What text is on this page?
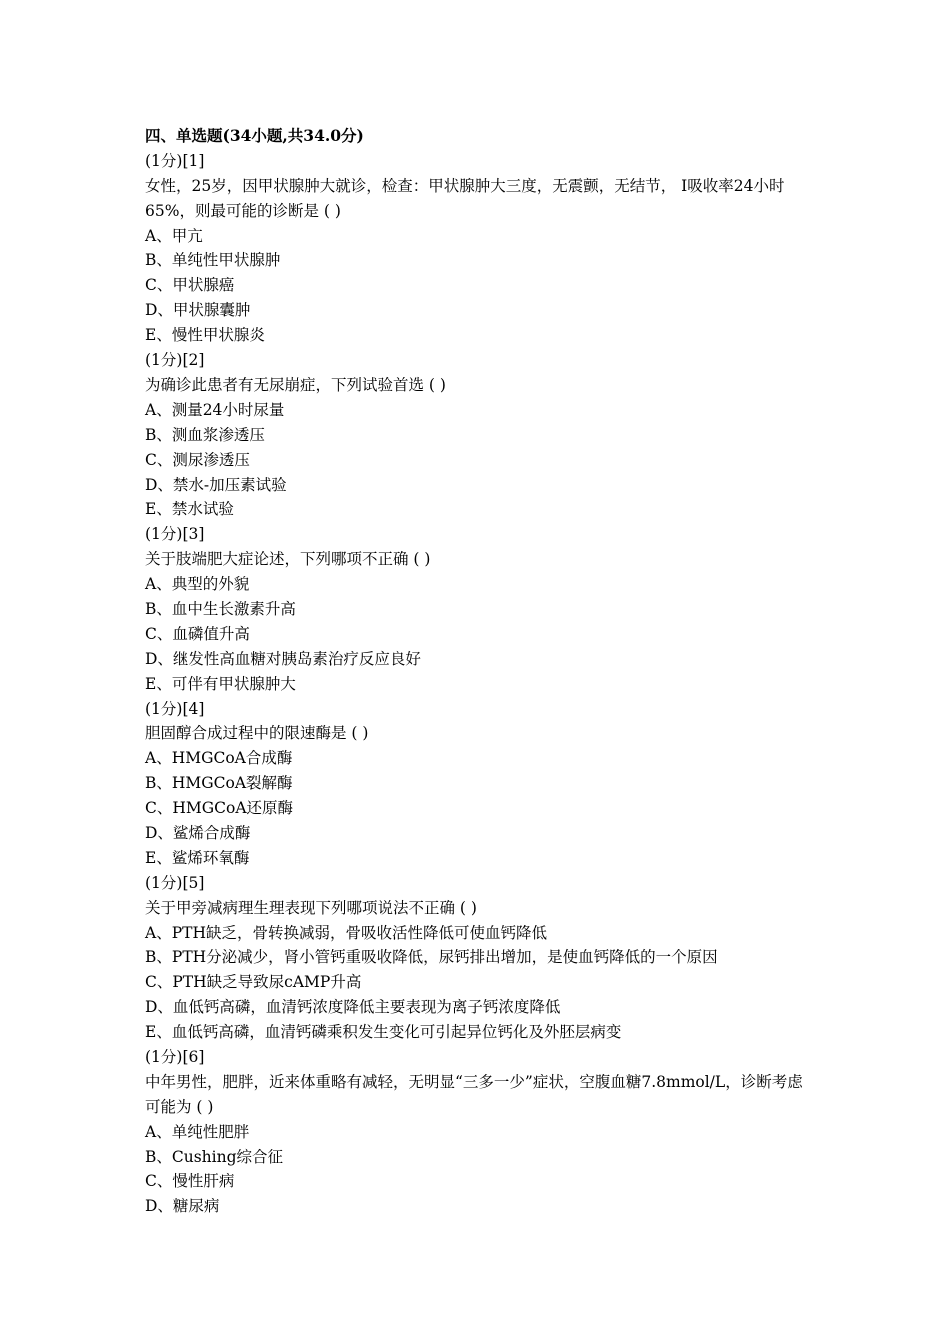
四、单选题(34小题,共34.0分)
(1分)[1]
女性，25岁，因甲状腺肿大就诊，检查：甲状腺肿大三度，无震颤，无结节， I吸收率24小时65%，则最可能的诊断是 ( )
A、甲亢
B、单纯性甲状腺肿
C、甲状腺癌
D、甲状腺囊肿
E、慢性甲状腺炎
(1分)[2]
为确诊此患者有无尿崩症，下列试验首选 ( )
A、测量24小时尿量
B、测血浆渗透压
C、测尿渗透压
D、禁水-加压素试验
E、禁水试验
(1分)[3]
关于肢端肥大症论述，下列哪项不正确 ( )
A、典型的外貌
B、血中生长激素升高
C、血磷值升高
D、继发性高血糖对胰岛素治疗反应良好
E、可伴有甲状腺肿大
(1分)[4]
胆固醇合成过程中的限速酶是 ( )
A、HMGCoA合成酶
B、HMGCoA裂解酶
C、HMGCoA还原酶
D、鲨烯合成酶
E、鲨烯环氧酶
(1分)[5]
关于甲旁减病理生理表现下列哪项说法不正确 ( )
A、PTH缺乏，骨转换减弱，骨吸收活性降低可使血钙降低
B、PTH分泌减少，肾小管钙重吸收降低，尿钙排出增加，是使血钙降低的一个原因
C、PTH缺乏导致尿cAMP升高
D、血低钙高磷，血清钙浓度降低主要表现为离子钙浓度降低
E、血低钙高磷，血清钙磷乘积发生变化可引起异位钙化及外胚层病变
(1分)[6]
中年男性，肥胖，近来体重略有减轻，无明显“三多一少”症状，空腹血糖7.8mmol/L，诊断考虑可能为 ( )
A、单纯性肥胖
B、Cushing综合征
C、慢性肝病
D、糖尿病
